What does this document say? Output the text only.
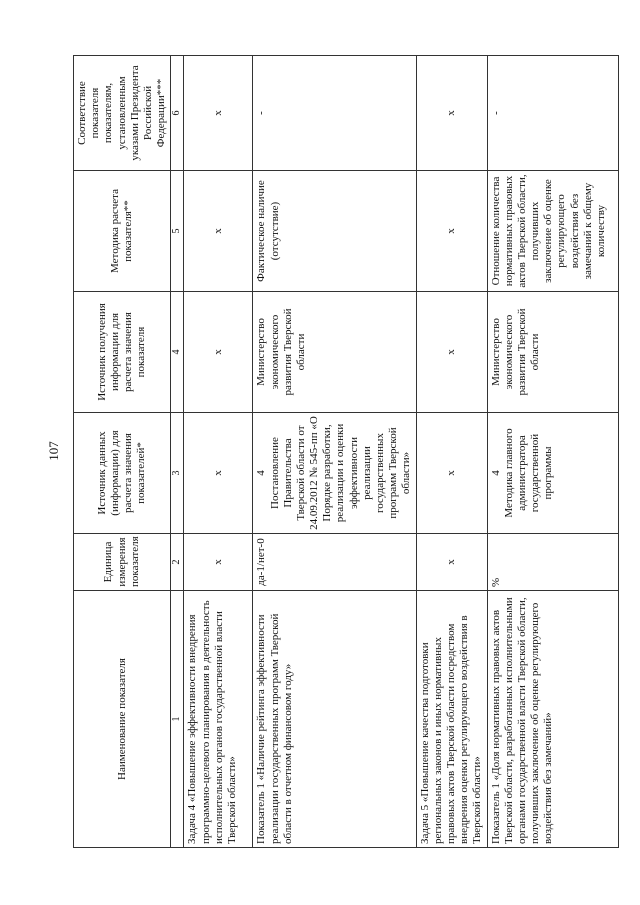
107
Наименование показателя	Единица измерения показателя	Источник данных (информации) для расчета значения показателей*	Источник получения информации для расчета значения показателя	Методика расчета показателя**	Соответствие показателя показателям, установленным указами Президента Российской Федерации***
1	2	3	4	5	6
Задача 4 «Повышение эффективности внедрения программно-целевого планирования в деятельность исполнительных органов государственной власти Тверской области»	x	x	x	x	x
Показатель 1 «Наличие рейтинга эффективности реализации государственных программ Тверской области в отчетном финансовом году»	да-1/нет-0	4 Постановление Правительства Тверской области от 24.09.2012 № 545-пп «О Порядке разработки, реализации и оценки эффективности реализации государственных программ Тверской области»	Министерство экономического развития Тверской области	Фактическое наличие (отсутствие)	-
Задача 5 «Повышение качества подготовки региональных законов и иных нормативных правовых актов Тверской области посредством внедрения оценки регулирующего воздействия в Тверской области»	x	x	x	x	x
Показатель 1 «Доля нормативных правовых актов Тверской области, разработанных исполнительными органами государственной власти Тверской области, получивших заключение об оценке регулирующего воздействия без замечаний»	%	4 Методика главного администратора государственной программы	Министерство экономического развития Тверской области	Отношение количества нормативных правовых актов Тверской области, получивших заключение об оценке регулирующего воздействия без замечаний к общему количеству	-
